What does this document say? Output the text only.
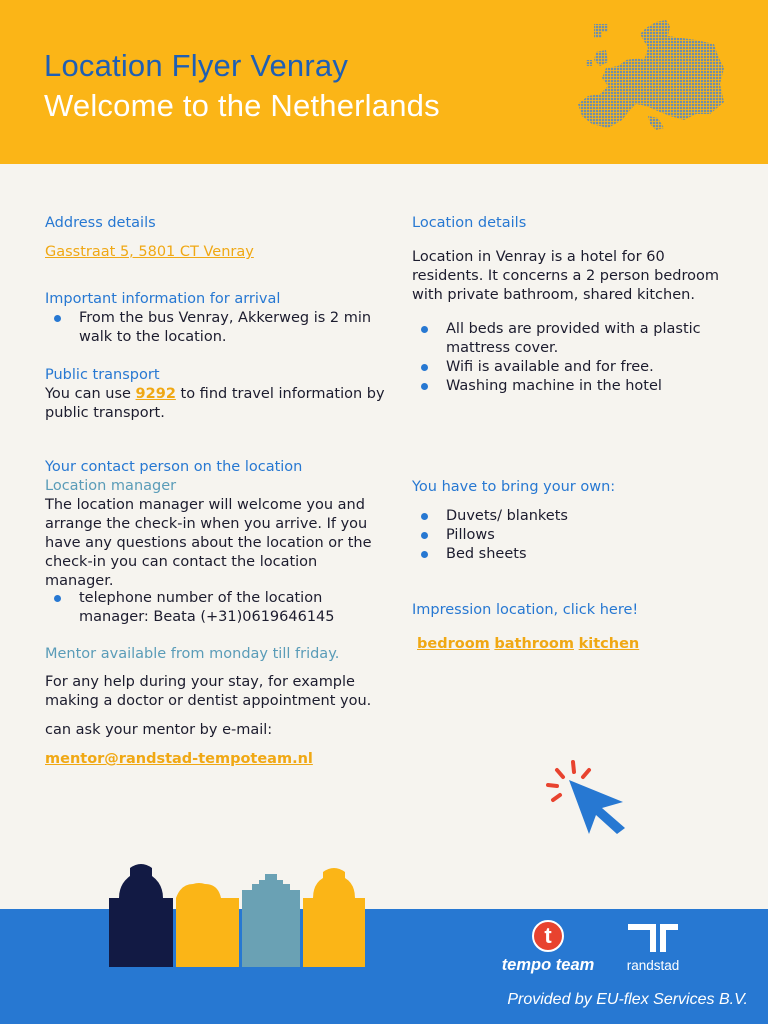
Location Flyer Venray
Welcome to the Netherlands
Address details
Gasstraat 5, 5801 CT Venray
Important information for arrival
From the bus Venray, Akkerweg is 2 min walk to the location.
Public transport
You can use 9292 to find travel information by public transport.
Your contact person on the location
Location manager
The location manager will welcome you and arrange the check-in when you arrive. If you have any questions about the location or the check-in you can contact the location manager.
telephone number of the location manager: Beata (+31)0619646145
Mentor available from monday till friday.
For any help during your stay, for example making a doctor or dentist appointment you.
can ask your mentor by e-mail:
mentor@randstad-tempoteam.nl
Location details
Location in Venray is a hotel for 60 residents. It concerns a 2 person bedroom with private bathroom, shared kitchen.
All beds are provided with a plastic mattress cover.
Wifi is available and for free.
Washing machine in the hotel
You have to bring your own:
Duvets/ blankets
Pillows
Bed sheets
Impression location, click here!
bedroom bathroom kitchen
t
tempo team	randstad
Provided by EU-flex Services B.V.
